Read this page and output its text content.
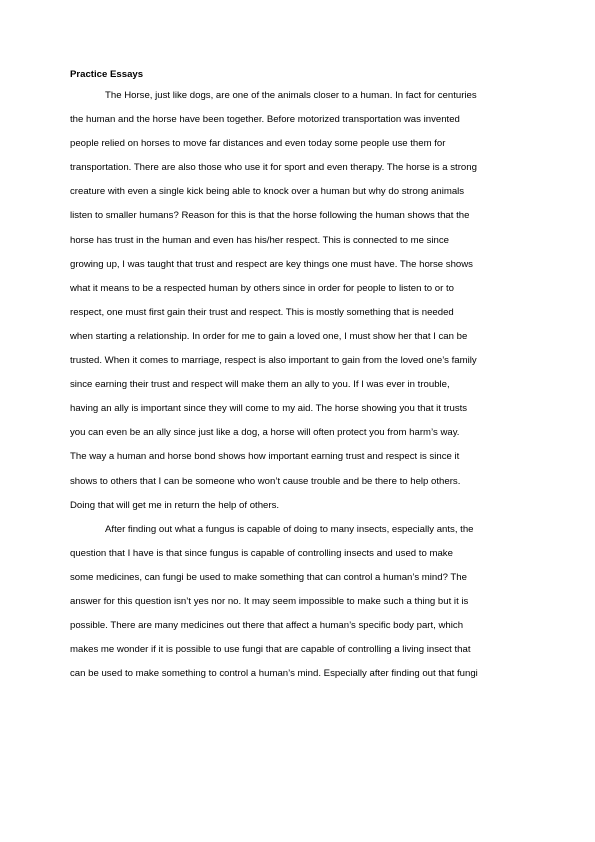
Practice Essays
The Horse, just like dogs, are one of the animals closer to a human. In fact for centuries
the human and the horse have been together. Before motorized transportation was invented
people relied on horses to move far distances and even today some people use them for
transportation. There are also those who use it for sport and even therapy. The horse is a strong
creature with even a single kick being able to knock over a human but why do strong animals
listen to smaller humans? Reason for this is that the horse following the human shows that the
horse has trust in the human and even has his/her respect. This is connected to me since
growing up, I was taught that trust and respect are key things one must have. The horse shows
what it means to be a respected human by others since in order for people to listen to or to
respect, one must first gain their trust and respect. This is mostly something that is needed
when starting a relationship. In order for me to gain a loved one, I must show her that I can be
trusted. When it comes to marriage, respect is also important to gain from the loved one’s family
since earning their trust and respect will make them an ally to you. If I was ever in trouble,
having an ally is important since they will come to my aid. The horse showing you that it trusts
you can even be an ally since just like a dog, a horse will often protect you from harm’s way.
The way a human and horse bond shows how important earning trust and respect is since it
shows to others that I can be someone who won’t cause trouble and be there to help others.
Doing that will get me in return the help of others.
After finding out what a fungus is capable of doing to many insects, especially ants, the
question that I have is that since fungus is capable of controlling insects and used to make
some medicines, can fungi be used to make something that can control a human’s mind? The
answer for this question isn’t yes nor no. It may seem impossible to make such a thing but it is
possible. There are many medicines out there that affect a human’s specific body part, which
makes me wonder if it is possible to use fungi that are capable of controlling a living insect that
can be used to make something to control a human’s mind. Especially after finding out that fungi
